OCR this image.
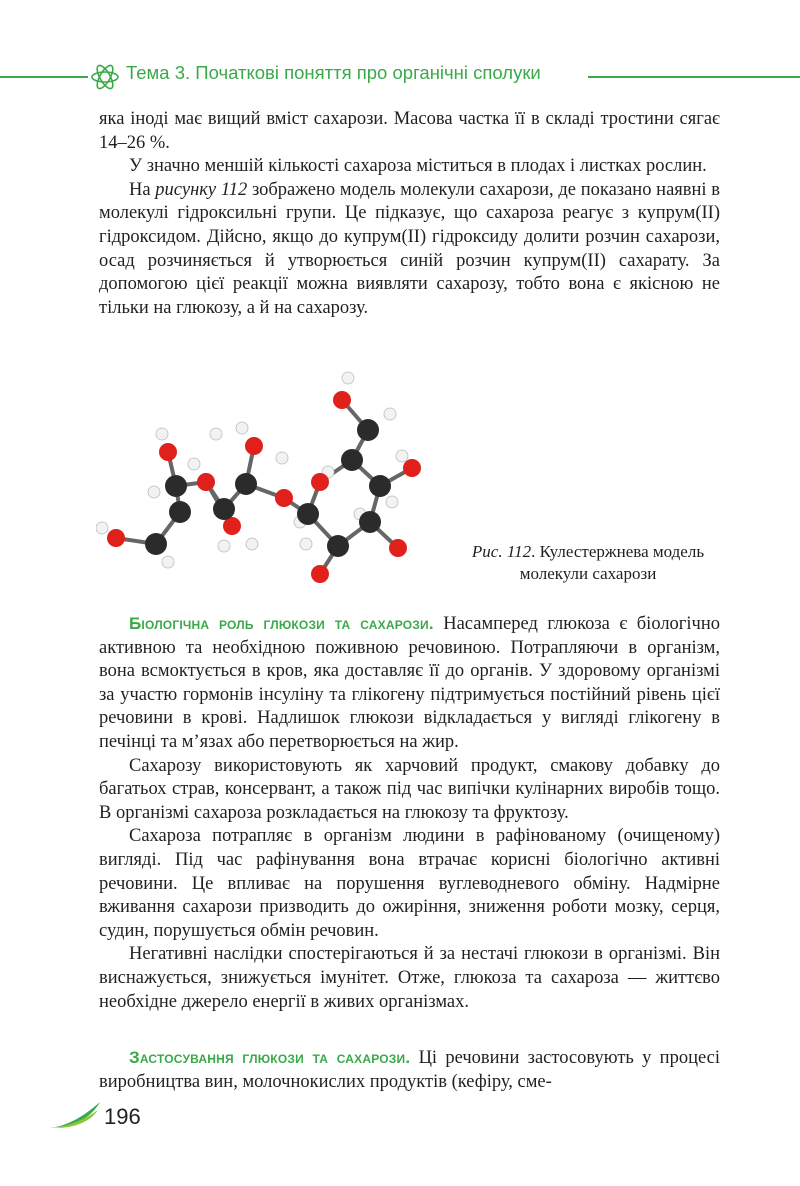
Тема 3. Початкові поняття про органічні сполуки

яка іноді має вищий вміст сахарози. Масова частка її в складі тростини сягає 14–26 %.

У значно меншій кількості сахароза міститься в плодах і листках рослин.

На рисунку 112 зображено модель молекули сахарози, де показано наявні в молекулі гідроксильні групи. Це підказує, що сахароза реагує з купрум(II) гідроксидом. Дійсно, якщо до купрум(II) гідроксиду долити розчин сахарози, осад розчиняється й утворюється синій розчин купрум(II) сахарату. За допомогою цієї реакції можна виявляти сахарозу, тобто вона є якісною не тільки на глюкозу, а й на сахарозу.

Рис. 112. Кулестержнева модель молекули сахарози

Біологічна роль глюкози та сахарози. Насамперед глюкоза є біологічно активною та необхідною поживною речовиною. Потрапляючи в організм, вона всмоктується в кров, яка доставляє її до органів. У здоровому організмі за участю гормонів інсуліну та глікогену підтримується постійний рівень цієї речовини в крові. Надлишок глюкози відкладається у вигляді глікогену в печінці та м’язах або перетворюється на жир.

Сахарозу використовують як харчовий продукт, смакову добавку до багатьох страв, консервант, а також під час випічки кулінарних виробів тощо. В організмі сахароза розкладається на глюкозу та фруктозу.

Сахароза потрапляє в організм людини в рафінованому (очищеному) вигляді. Під час рафінування вона втрачає корисні біологічно активні речовини. Це впливає на порушення вуглеводневого обміну. Надмірне вживання сахарози призводить до ожиріння, зниження роботи мозку, серця, судин, порушується обмін речовин.

Негативні наслідки спостерігаються й за нестачі глюкози в організмі. Він виснажується, знижується імунітет. Отже, глюкоза та сахароза — життєво необхідне джерело енергії в живих організмах.

Застосування глюкози та сахарози. Ці речовини застосовують у процесі виробництва вин, молочнокислих продуктів (кефіру, сме-

196
